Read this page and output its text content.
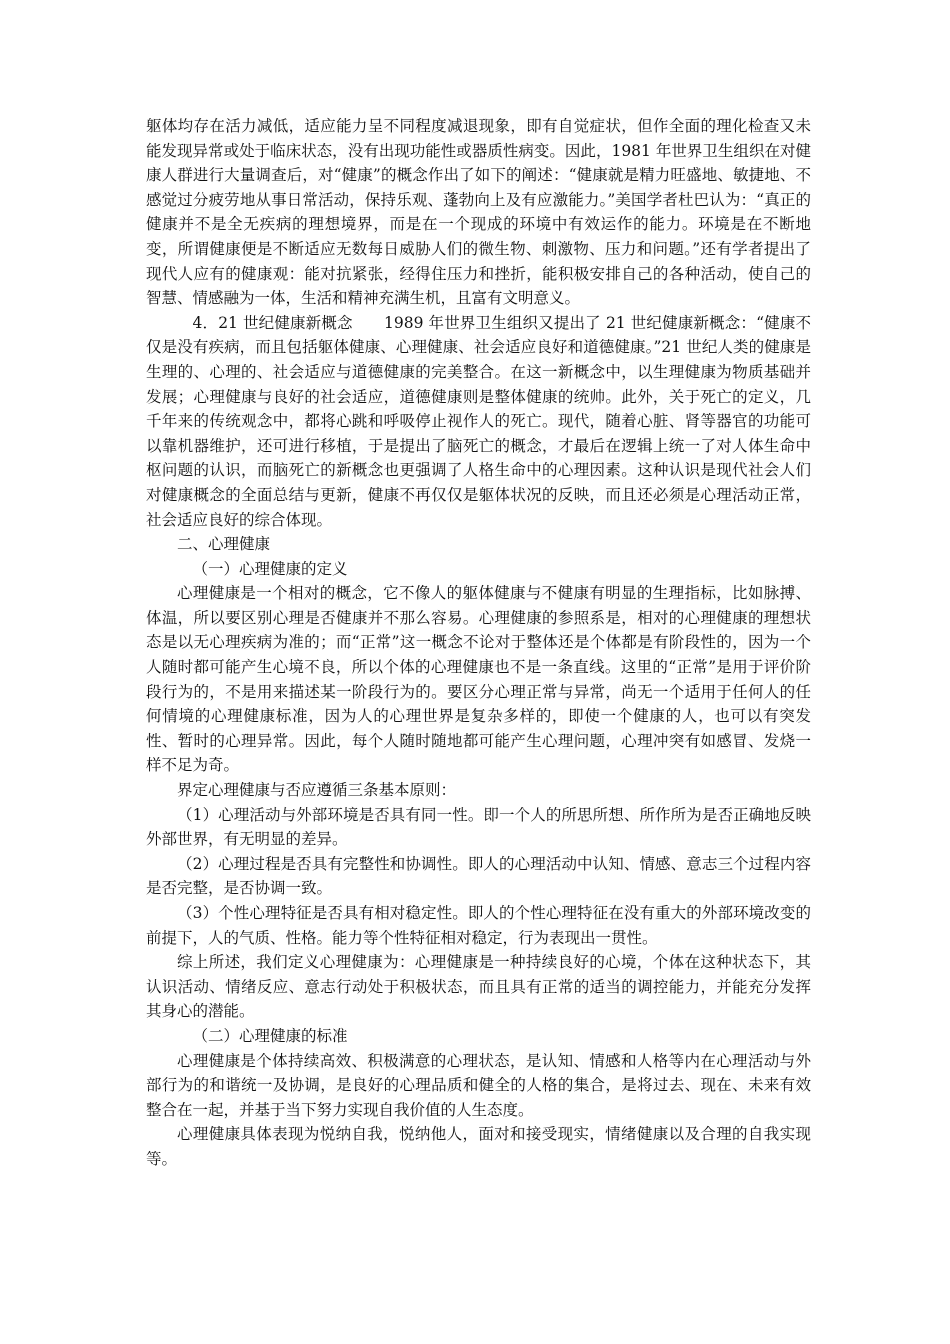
躯体均存在活力减低，适应能力呈不同程度减退现象，即有自觉症状，但作全面的理化检查又未能发现异常或处于临床状态，没有出现功能性或器质性病变。因此，1981 年世界卫生组织在对健康人群进行大量调查后，对“健康”的概念作出了如下的阐述：“健康就是精力旺盛地、敏捷地、不感觉过分疲劳地从事日常活动，保持乐观、蓬勃向上及有应激能力。”美国学者杜巴认为：“真正的健康并不是全无疾病的理想境界，而是在一个现成的环境中有效运作的能力。环境是在不断地变，所谓健康便是不断适应无数每日威胁人们的微生物、刺激物、压力和问题。”还有学者提出了现代人应有的健康观：能对抗紧张，经得住压力和挫折，能积极安排自己的各种活动，使自己的智慧、情感融为一体，生活和精神充满生机，且富有文明意义。

4．21 世纪健康新概念　　1989 年世界卫生组织又提出了 21 世纪健康新概念：“健康不仅是没有疾病，而且包括躯体健康、心理健康、社会适应良好和道德健康。”21 世纪人类的健康是生理的、心理的、社会适应与道德健康的完美整合。在这一新概念中，以生理健康为物质基础并发展；心理健康与良好的社会适应，道德健康则是整体健康的统帅。此外，关于死亡的定义，几千年来的传统观念中，都将心跳和呼吸停止视作人的死亡。现代，随着心脏、肾等器官的功能可以靠机器维护，还可进行移植，于是提出了脑死亡的概念，才最后在逻辑上统一了对人体生命中枢问题的认识，而脑死亡的新概念也更强调了人格生命中的心理因素。这种认识是现代社会人们对健康概念的全面总结与更新，健康不再仅仅是躯体状况的反映，而且还必须是心理活动正常，社会适应良好的综合体现。

二、心理健康

（一）心理健康的定义

心理健康是一个相对的概念，它不像人的躯体健康与不健康有明显的生理指标，比如脉搏、体温，所以要区别心理是否健康并不那么容易。心理健康的参照系是，相对的心理健康的理想状态是以无心理疾病为准的；而“正常”这一概念不论对于整体还是个体都是有阶段性的，因为一个人随时都可能产生心境不良，所以个体的心理健康也不是一条直线。这里的“正常”是用于评价阶段行为的，不是用来描述某一阶段行为的。要区分心理正常与异常，尚无一个适用于任何人的任何情境的心理健康标准，因为人的心理世界是复杂多样的，即使一个健康的人，也可以有突发性、暂时的心理异常。因此，每个人随时随地都可能产生心理问题，心理冲突有如感冒、发烧一样不足为奇。

界定心理健康与否应遵循三条基本原则：

（1）心理活动与外部环境是否具有同一性。即一个人的所思所想、所作所为是否正确地反映外部世界，有无明显的差异。

（2）心理过程是否具有完整性和协调性。即人的心理活动中认知、情感、意志三个过程内容是否完整，是否协调一致。

（3）个性心理特征是否具有相对稳定性。即人的个性心理特征在没有重大的外部环境改变的前提下，人的气质、性格。能力等个性特征相对稳定，行为表现出一贯性。

综上所述，我们定义心理健康为：心理健康是一种持续良好的心境，个体在这种状态下，其认识活动、情绪反应、意志行动处于积极状态，而且具有正常的适当的调控能力，并能充分发挥其身心的潜能。

（二）心理健康的标准

心理健康是个体持续高效、积极满意的心理状态，是认知、情感和人格等内在心理活动与外部行为的和谐统一及协调，是良好的心理品质和健全的人格的集合，是将过去、现在、未来有效整合在一起，并基于当下努力实现自我价值的人生态度。

心理健康具体表现为悦纳自我，悦纳他人，面对和接受现实，情绪健康以及合理的自我实现等。
